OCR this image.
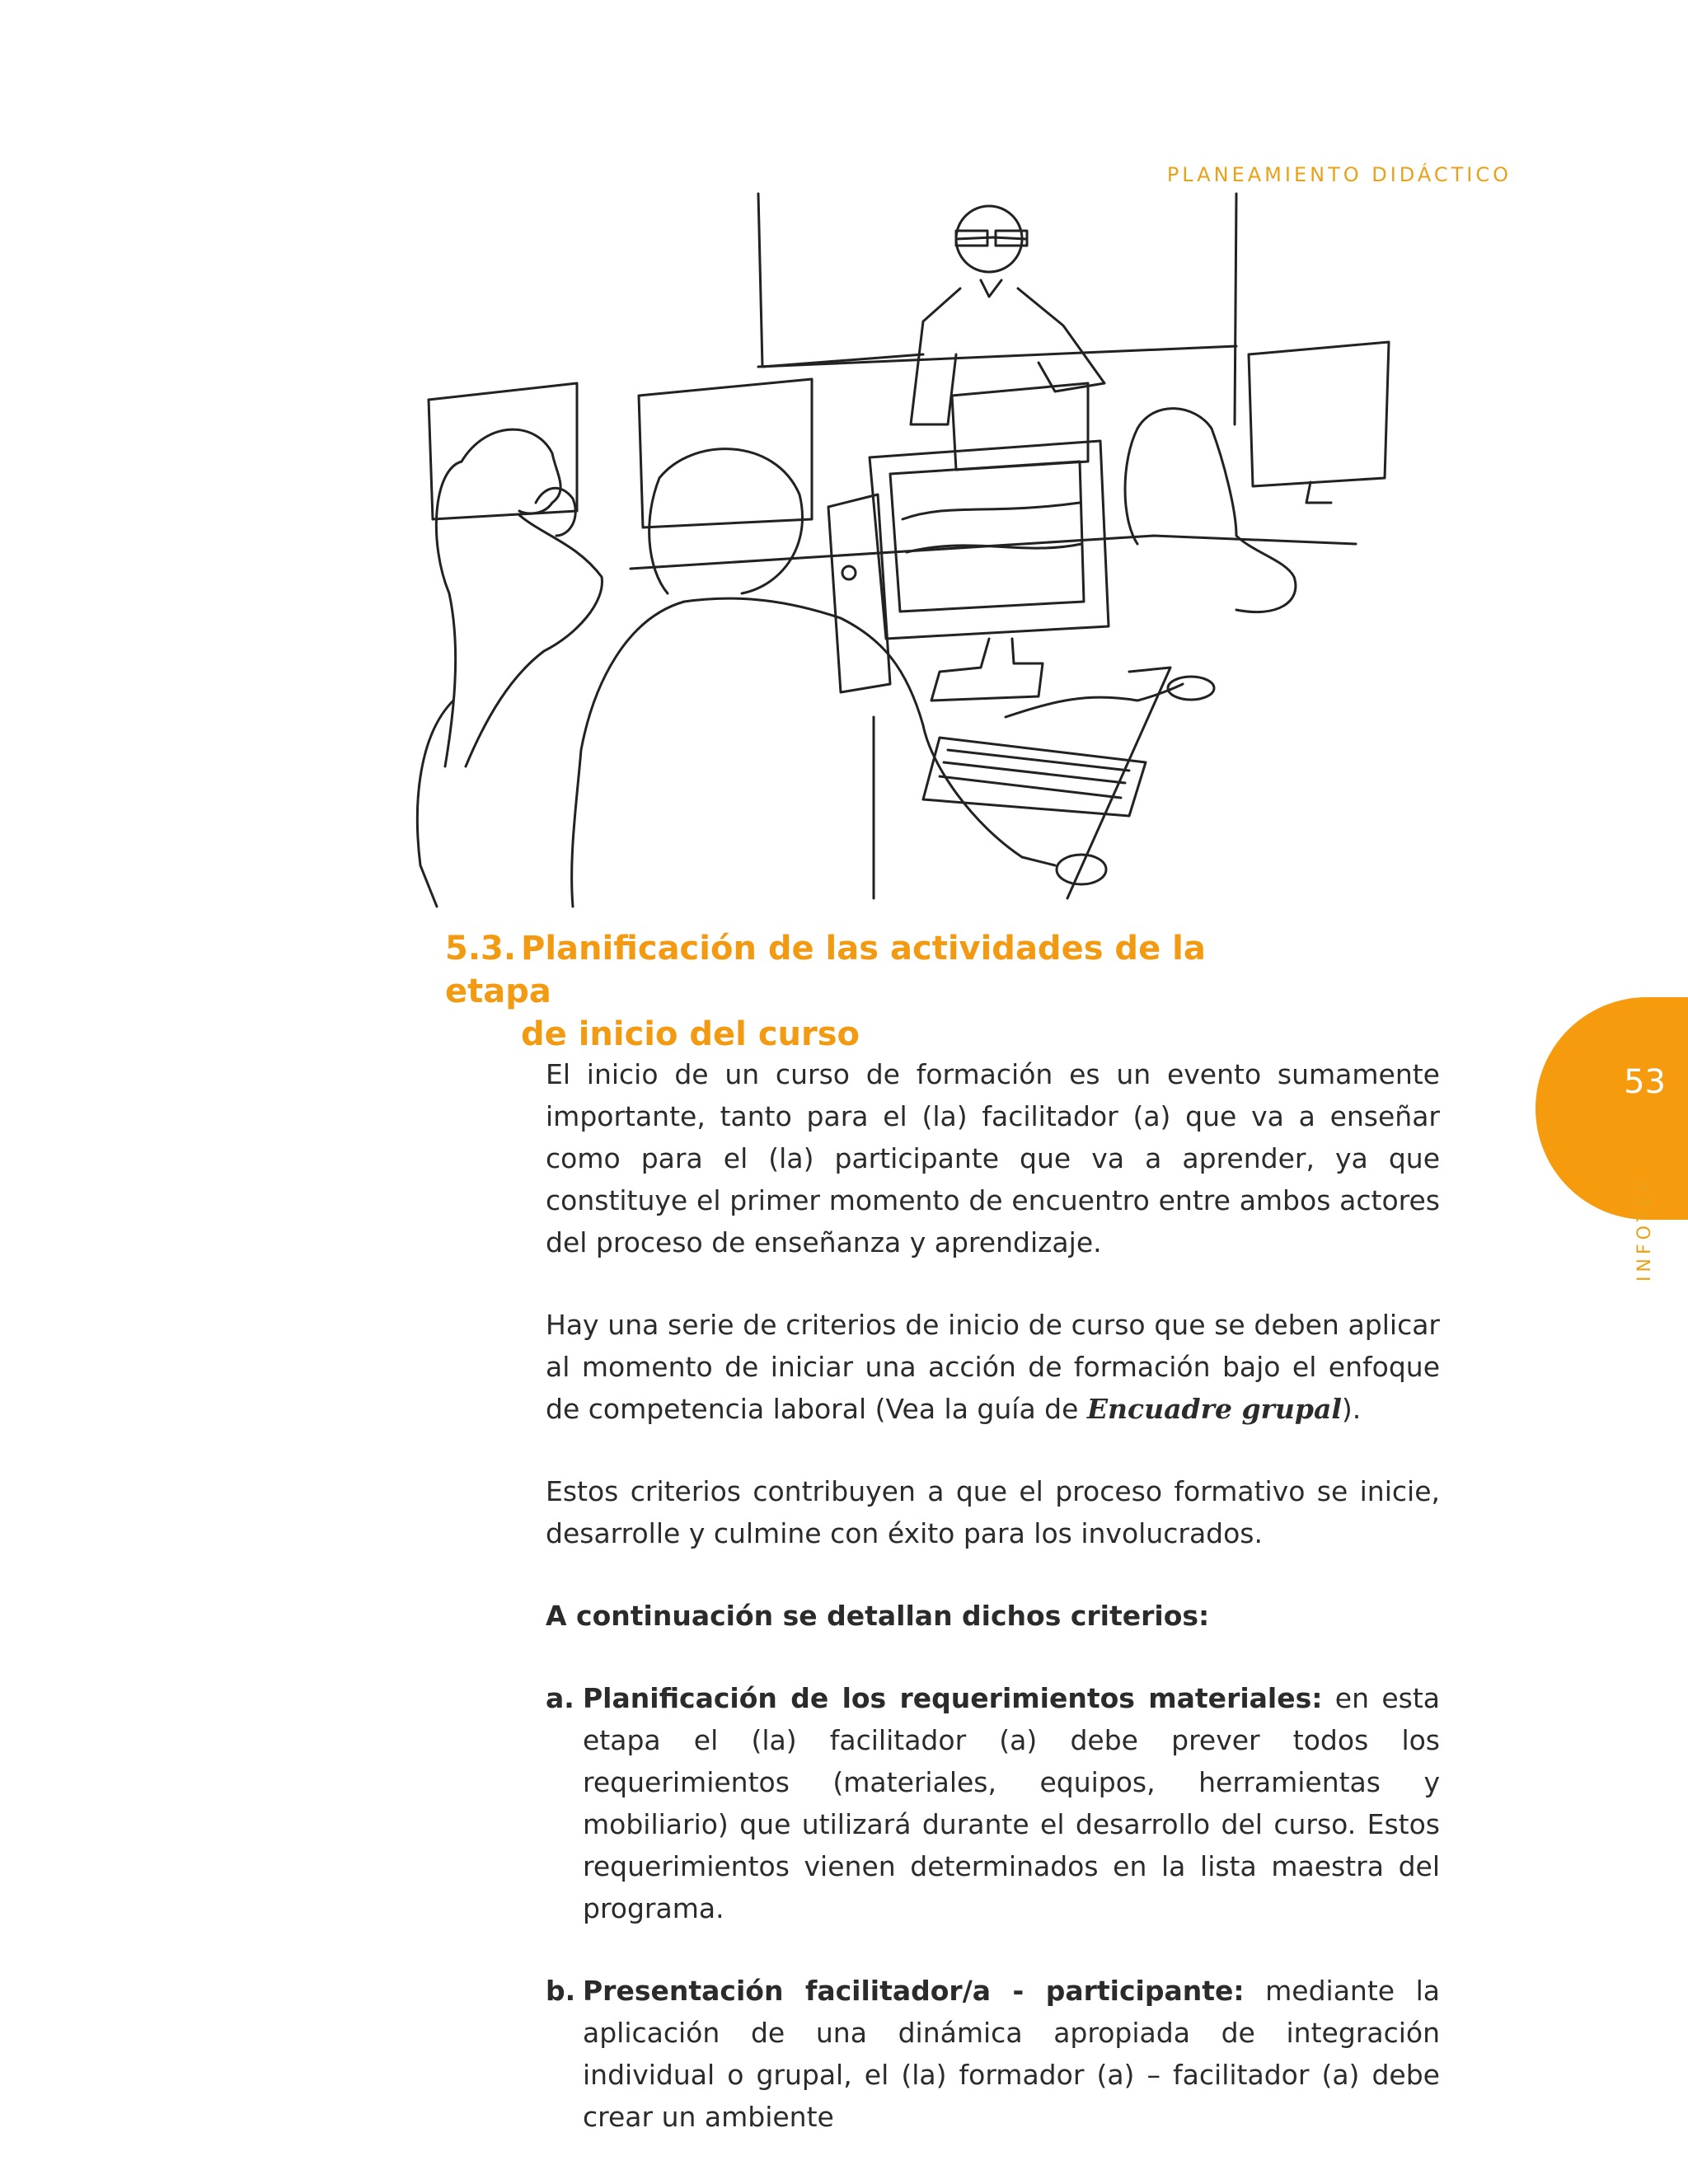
PLANEAMIENTO DIDÁCTICO
5.3. Planificación de las actividades de la etapa
de inicio del curso

El inicio de un curso de formación es un evento sumamente importante, tanto para el (la) facilitador (a) que va a enseñar como para el (la) participante que va a aprender, ya que constituye el primer momento de encuentro entre ambos actores del proceso de enseñanza y aprendizaje.

Hay una serie de criterios de inicio de curso que se deben aplicar al momento de iniciar una acción de formación bajo el enfoque de competencia laboral (Vea la guía de Encuadre grupal).

Estos criterios contribuyen a que el proceso formativo se inicie, desarrolle y culmine con éxito para los involucrados.

A continuación se detallan dichos criterios:
a. Planificación de los requerimientos materiales: en esta etapa el (la) facilitador (a) debe prever todos los requerimientos (materiales, equipos, herramientas y mobiliario) que utilizará durante el desarrollo del curso. Estos requerimientos vienen determinados en la lista maestra del programa.
b. Presentación facilitador/a - participante: mediante la aplicación de una dinámica apropiada de integración individual o grupal, el (la) formador (a) – facilitador (a) debe crear un ambiente
53
INFOTEP
